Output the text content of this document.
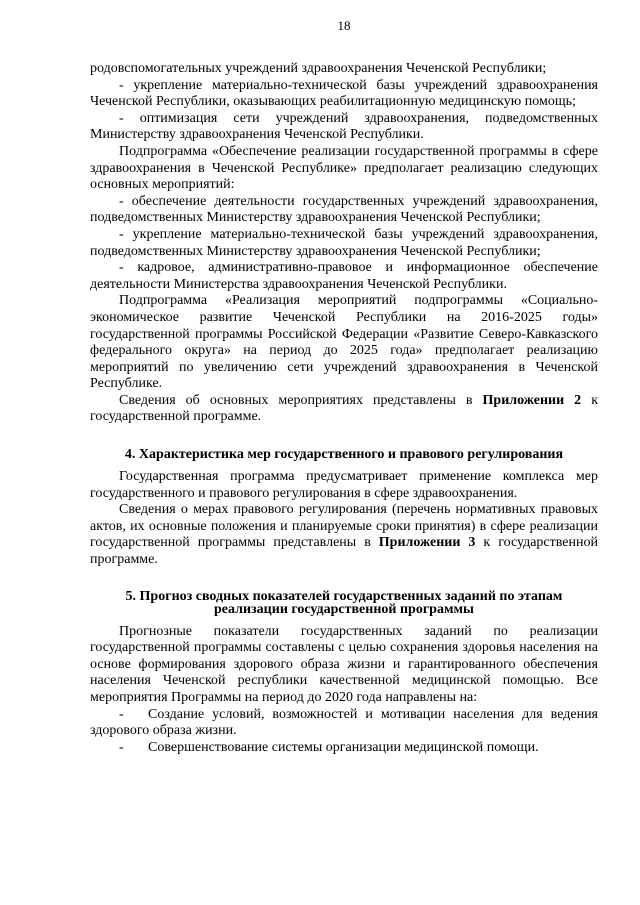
18

родовспомогательных учреждений здравоохранения Чеченской Республики;

- укрепление материально-технической базы учреждений здравоохранения Чеченской Республики, оказывающих реабилитационную медицинскую помощь;

- оптимизация сети учреждений здравоохранения, подведомственных Министерству здравоохранения Чеченской Республики.

Подпрограмма «Обеспечение реализации государственной программы в сфере здравоохранения в Чеченской Республике» предполагает реализацию следующих основных мероприятий:

- обеспечение деятельности государственных учреждений здравоохранения, подведомственных Министерству здравоохранения Чеченской Республики;

- укрепление материально-технической базы учреждений здравоохранения, подведомственных Министерству здравоохранения Чеченской Республики;

- кадровое, административно-правовое и информационное обеспечение деятельности Министерства здравоохранения Чеченской Республики.

Подпрограмма «Реализация мероприятий подпрограммы «Социально-экономическое развитие Чеченской Республики на 2016-2025 годы» государственной программы Российской Федерации «Развитие Северо-Кавказского федерального округа» на период до 2025 года» предполагает реализацию мероприятий по увеличению сети учреждений здравоохранения в Чеченской Республике.

Сведения об основных мероприятиях представлены в Приложении 2 к государственной программе.

4. Характеристика мер государственного и правового регулирования

Государственная программа предусматривает применение комплекса мер государственного и правового регулирования в сфере здравоохранения.

Сведения о мерах правового регулирования (перечень нормативных правовых актов, их основные положения и планируемые сроки принятия) в сфере реализации государственной программы представлены в Приложении 3 к государственной программе.

5. Прогноз сводных показателей государственных заданий по этапам
реализации государственной программы

Прогнозные показатели государственных заданий по реализации государственной программы составлены с целью сохранения здоровья населения на основе формирования здорового образа жизни и гарантированного обеспечения населения Чеченской республики качественной медицинской помощью. Все мероприятия Программы на период до 2020 года направлены на:

- Создание условий, возможностей и мотивации населения для ведения здорового образа жизни.

- Совершенствование системы организации медицинской помощи.
